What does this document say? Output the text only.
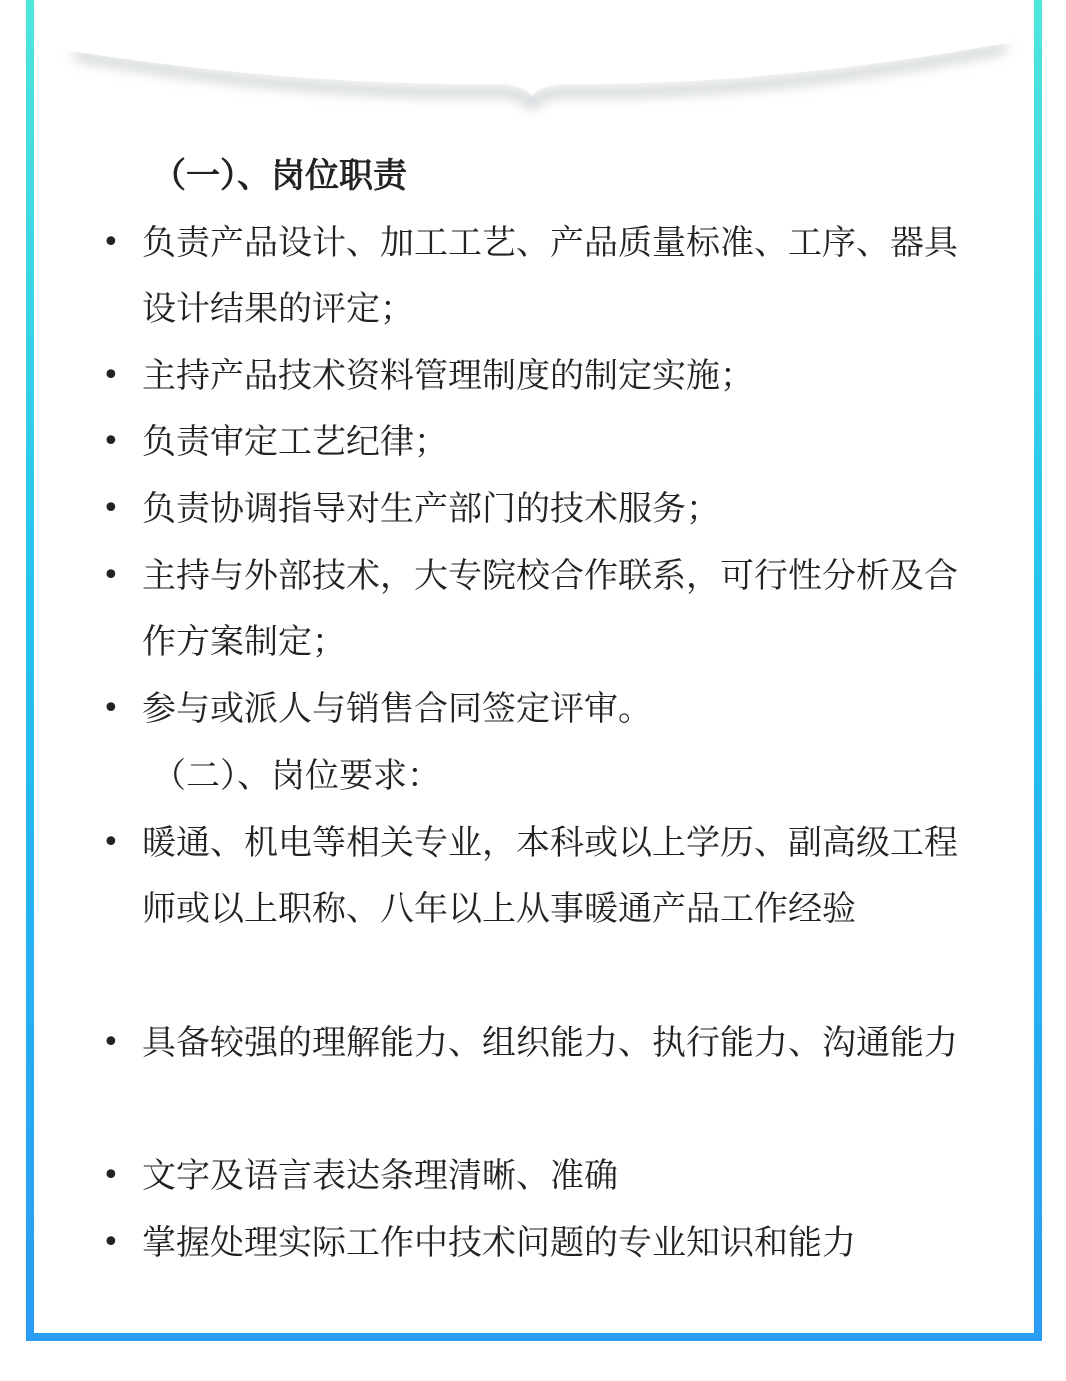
（一）、岗位职责
• 负责产品设计、加工工艺、产品质量标准、工序、器具设计结果的评定；
• 主持产品技术资料管理制度的制定实施；
• 负责审定工艺纪律；
• 负责协调指导对生产部门的技术服务；
• 主持与外部技术，大专院校合作联系，可行性分析及合作方案制定；
• 参与或派人与销售合同签定评审。
（二）、岗位要求：
• 暖通、机电等相关专业，本科或以上学历、副高级工程师或以上职称、八年以上从事暖通产品工作经验
• 具备较强的理解能力、组织能力、执行能力、沟通能力
• 文字及语言表达条理清晰、准确
• 掌握处理实际工作中技术问题的专业知识和能力
